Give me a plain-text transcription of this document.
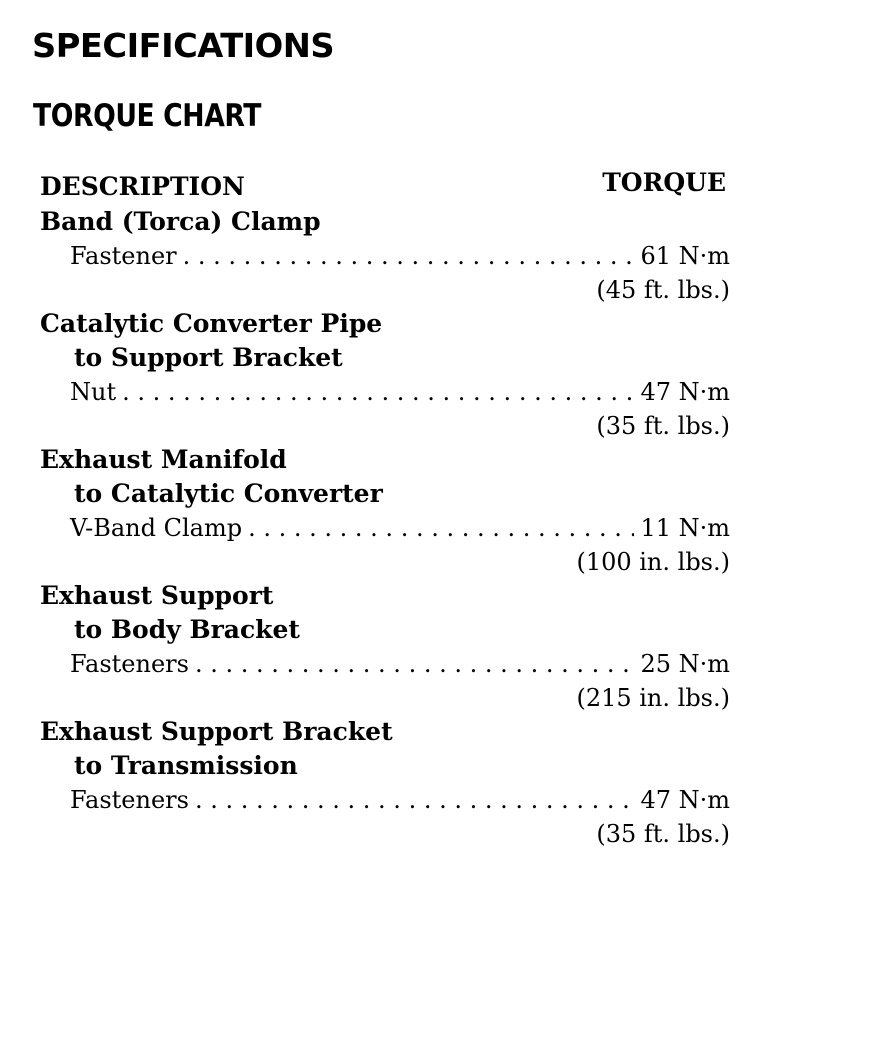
SPECIFICATIONS
TORQUE CHART
DESCRIPTION	TORQUE
Band (Torca) Clamp
Fastener . . .	61 N·m
(45 ft. lbs.)
Catalytic Converter Pipe
to Support Bracket
Nut . . .	47 N·m
(35 ft. lbs.)
Exhaust Manifold
to Catalytic Converter
V-Band Clamp . . .	11 N·m
(100 in. lbs.)
Exhaust Support
to Body Bracket
Fasteners . . .	25 N·m
(215 in. lbs.)
Exhaust Support Bracket
to Transmission
Fasteners . . .	47 N·m
(35 ft. lbs.)
